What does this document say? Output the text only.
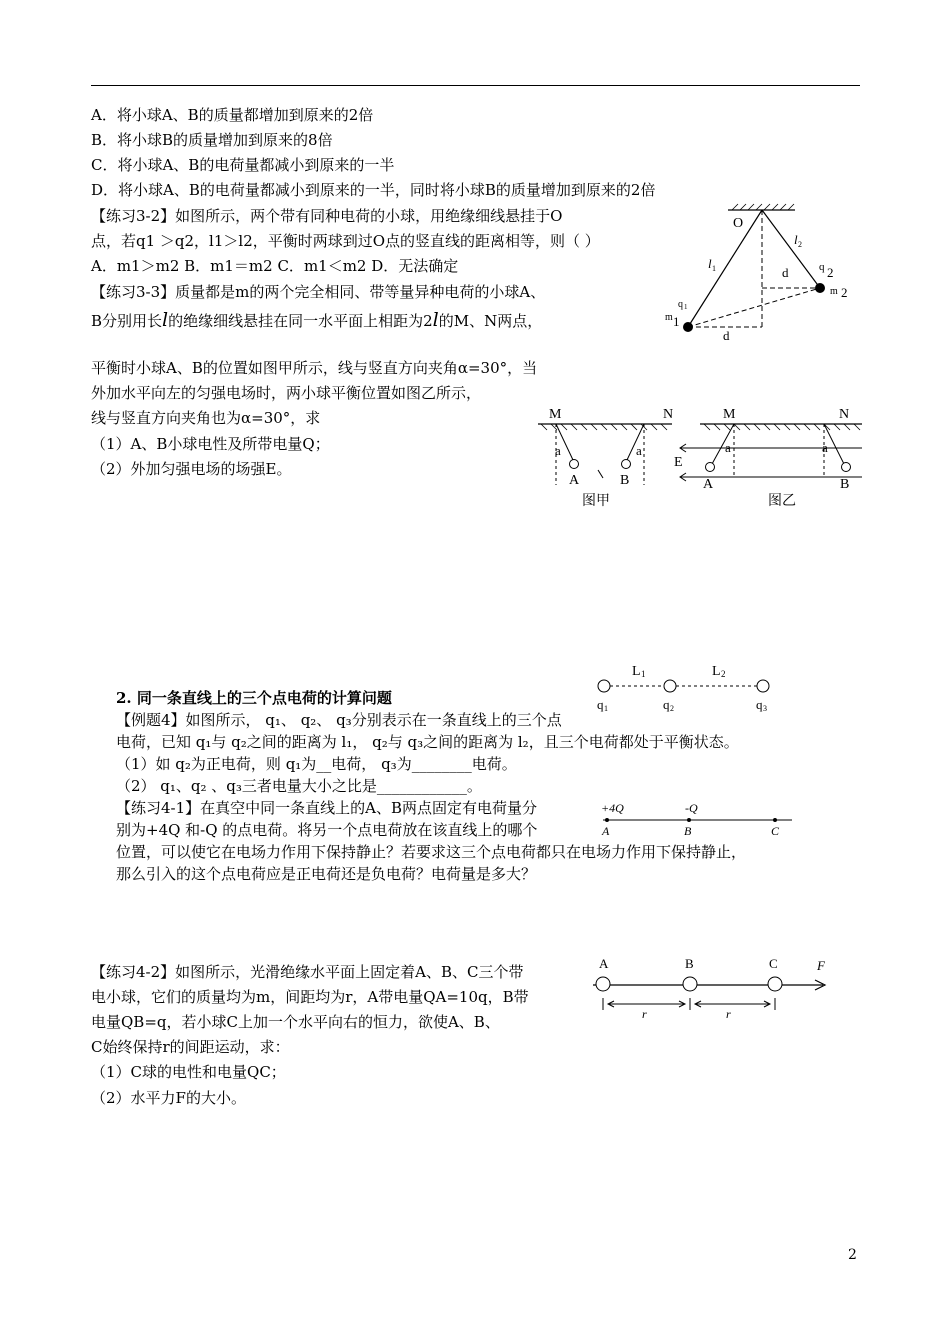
A．将小球A、B的质量都增加到原来的2倍
B．将小球B的质量增加到原来的8倍
C．将小球A、B的电荷量都减小到原来的一半
D．将小球A、B的电荷量都减小到原来的一半，同时将小球B的质量增加到原来的2倍
【练习3-2】如图所示，两个带有同种电荷的小球，用绝缘细线悬挂于O
点，若q1 ＞q2，l1＞l2，平衡时两球到过O点的竖直线的距离相等，则（ ）
A．m1＞m2 B．m1＝m2 C．m1＜m2 D．无法确定
O
l 1
l 2
d
d
q 2
m 2
q 1
m 1
【练习3-3】质量都是m的两个完全相同、带等量异种电荷的小球A、
B分别用长l的绝缘细线悬挂在同一水平面上相距为2l的M、N两点，
平衡时小球A、B的位置如图甲所示，线与竖直方向夹角α=30°，当
外加水平向左的匀强电场时，两小球平衡位置如图乙所示，
线与竖直方向夹角也为α=30°，求
（1）A、B小球电性及所带电量Q；
（2）外加匀强电场的场强E。
M	N
a	a
A	B
图甲
M	N
a	a
E
A	B
图乙
2. 同一条直线上的三个点电荷的计算问题
【例题4】如图所示， q₁、 q₂、 q₃分别表示在一条直线上的三个点
电荷，已知 q₁与 q₂之间的距离为 l₁， q₂与 q₃之间的距离为 l₂，且三个电荷都处于平衡状态。
（1）如 q₂为正电荷，则 q₁为__电荷， q₃为________电荷。
（2） q₁、q₂ 、q₃三者电量大小之比是____________。
L 1	L 2
q 1	q 2	q 3
【练习4-1】在真空中同一条直线上的A、B两点固定有电荷量分
别为+4Q 和-Q 的点电荷。将另一个点电荷放在该直线上的哪个
位置，可以使它在电场力作用下保持静止？若要求这三个点电荷都只在电场力作用下保持静止，
那么引入的这个点电荷应是正电荷还是负电荷？电荷量是多大？
+4Q	-Q
A	B	C
【练习4-2】如图所示，光滑绝缘水平面上固定着A、B、C三个带
电小球，它们的质量均为m，间距均为r，A带电量QA=10q，B带
电量QB=q，若小球C上加一个水平向右的恒力，欲使A、B、
C始终保持r的间距运动，求：
（1）C球的电性和电量QC；
（2）水平力F的大小。
A	B	C	F
r	r
2
